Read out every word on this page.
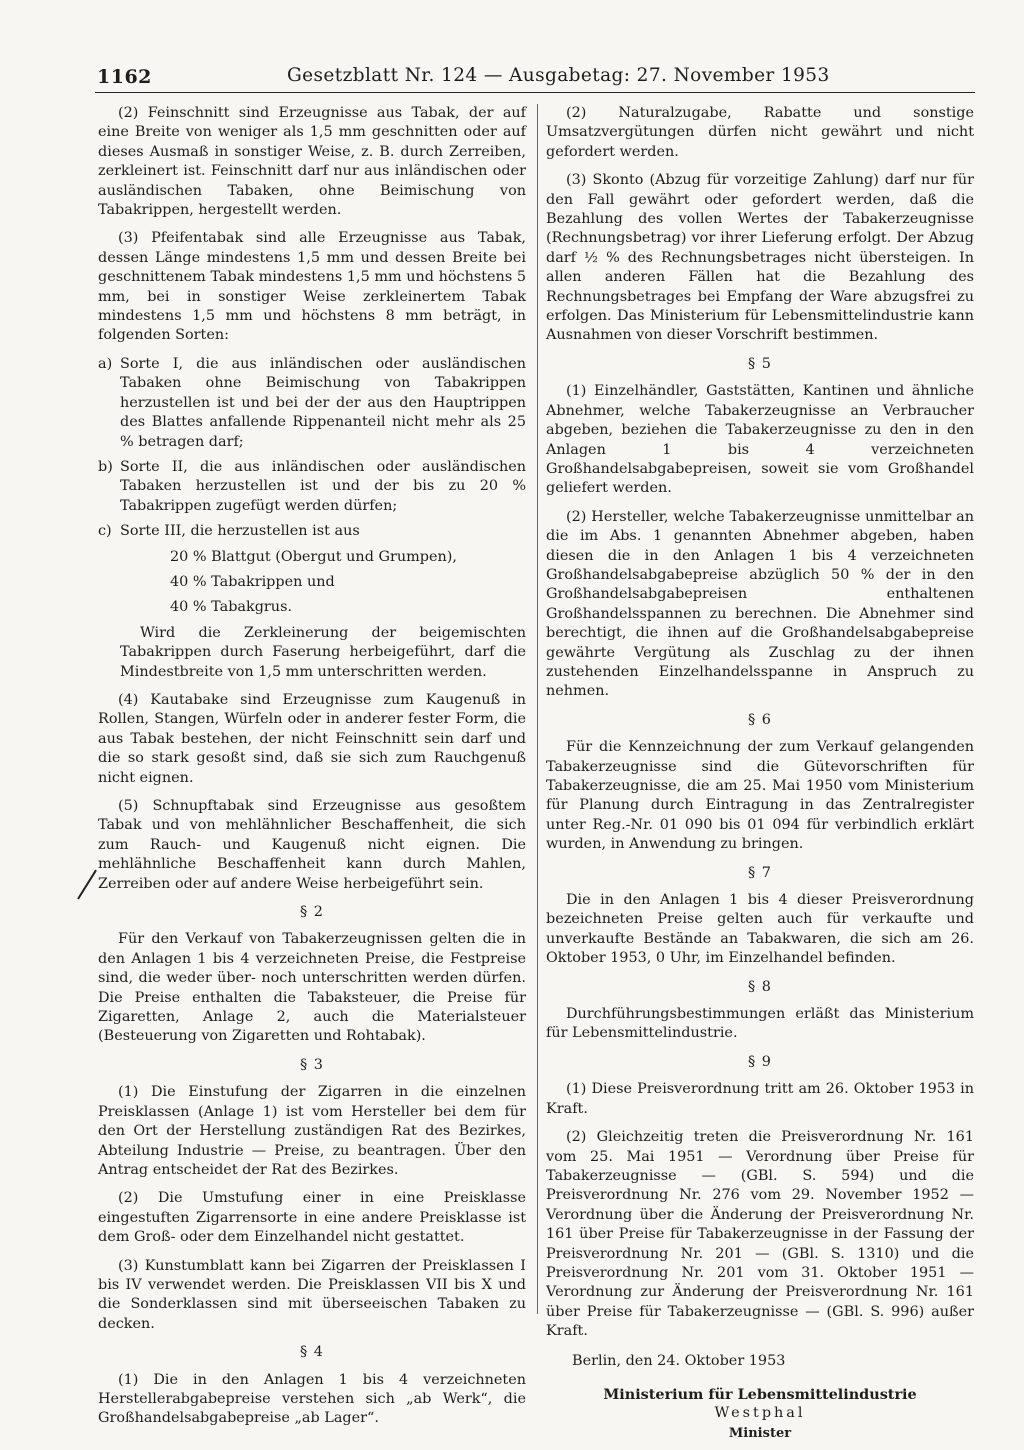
1162	Gesetzblatt Nr. 124 — Ausgabetag: 27. November 1953

(2) Feinschnitt sind Erzeugnisse aus Tabak, der auf eine Breite von weniger als 1,5 mm geschnitten oder auf dieses Ausmaß in sonstiger Weise, z. B. durch Zerreiben, zerkleinert ist. Feinschnitt darf nur aus inländischen oder ausländischen Tabaken, ohne Beimischung von Tabakrippen, hergestellt werden.

(3) Pfeifentabak sind alle Erzeugnisse aus Tabak, dessen Länge mindestens 1,5 mm und dessen Breite bei geschnittenem Tabak mindestens 1,5 mm und höchstens 5 mm, bei in sonstiger Weise zerkleinertem Tabak mindestens 1,5 mm und höchstens 8 mm beträgt, in folgenden Sorten:

a) Sorte I, die aus inländischen oder ausländischen Tabaken ohne Beimischung von Tabakrippen herzustellen ist und bei der der aus den Hauptrippen des Blattes anfallende Rippenanteil nicht mehr als 25 % betragen darf;
b) Sorte II, die aus inländischen oder ausländischen Tabaken herzustellen ist und der bis zu 20 % Tabakrippen zugefügt werden dürfen;
c) Sorte III, die herzustellen ist aus
20 % Blattgut (Obergut und Grumpen),
40 % Tabakrippen und
40 % Tabakgrus.

Wird die Zerkleinerung der beigemischten Tabakrippen durch Faserung herbeigeführt, darf die Mindestbreite von 1,5 mm unterschritten werden.

(4) Kautabake sind Erzeugnisse zum Kaugenuß in Rollen, Stangen, Würfeln oder in anderer fester Form, die aus Tabak bestehen, der nicht Feinschnitt sein darf und die so stark gesoßt sind, daß sie sich zum Rauchgenuß nicht eignen.

(5) Schnupftabak sind Erzeugnisse aus gesoßtem Tabak und von mehlähnlicher Beschaffenheit, die sich zum Rauch- und Kaugenuß nicht eignen. Die mehlähnliche Beschaffenheit kann durch Mahlen, Zerreiben oder auf andere Weise herbeigeführt sein.

§ 2

Für den Verkauf von Tabakerzeugnissen gelten die in den Anlagen 1 bis 4 verzeichneten Preise, die Festpreise sind, die weder über- noch unterschritten werden dürfen. Die Preise enthalten die Tabaksteuer, die Preise für Zigaretten, Anlage 2, auch die Materialsteuer (Besteuerung von Zigaretten und Rohtabak).

§ 3

(1) Die Einstufung der Zigarren in die einzelnen Preisklassen (Anlage 1) ist vom Hersteller bei dem für den Ort der Herstellung zuständigen Rat des Bezirkes, Abteilung Industrie — Preise, zu beantragen. Über den Antrag entscheidet der Rat des Bezirkes.

(2) Die Umstufung einer in eine Preisklasse eingestuften Zigarrensorte in eine andere Preisklasse ist dem Groß- oder dem Einzelhandel nicht gestattet.

(3) Kunstumblatt kann bei Zigarren der Preisklassen I bis IV verwendet werden. Die Preisklassen VII bis X und die Sonderklassen sind mit überseeischen Tabaken zu decken.

§ 4

(1) Die in den Anlagen 1 bis 4 verzeichneten Herstellerabgabepreise verstehen sich „ab Werk“, die Großhandelsabgabepreise „ab Lager“.

(2) Naturalzugabe, Rabatte und sonstige Umsatzvergütungen dürfen nicht gewährt und nicht gefordert werden.

(3) Skonto (Abzug für vorzeitige Zahlung) darf nur für den Fall gewährt oder gefordert werden, daß die Bezahlung des vollen Wertes der Tabakerzeugnisse (Rechnungsbetrag) vor ihrer Lieferung erfolgt. Der Abzug darf ½ % des Rechnungsbetrages nicht übersteigen. In allen anderen Fällen hat die Bezahlung des Rechnungsbetrages bei Empfang der Ware abzugsfrei zu erfolgen. Das Ministerium für Lebensmittelindustrie kann Ausnahmen von dieser Vorschrift bestimmen.

§ 5

(1) Einzelhändler, Gaststätten, Kantinen und ähnliche Abnehmer, welche Tabakerzeugnisse an Verbraucher abgeben, beziehen die Tabakerzeugnisse zu den in den Anlagen 1 bis 4 verzeichneten Großhandelsabgabepreisen, soweit sie vom Großhandel geliefert werden.

(2) Hersteller, welche Tabakerzeugnisse unmittelbar an die im Abs. 1 genannten Abnehmer abgeben, haben diesen die in den Anlagen 1 bis 4 verzeichneten Großhandelsabgabepreise abzüglich 50 % der in den Großhandelsabgabepreisen enthaltenen Großhandelsspannen zu berechnen. Die Abnehmer sind berechtigt, die ihnen auf die Großhandelsabgabepreise gewährte Vergütung als Zuschlag zu der ihnen zustehenden Einzelhandelsspanne in Anspruch zu nehmen.

§ 6

Für die Kennzeichnung der zum Verkauf gelangenden Tabakerzeugnisse sind die Gütevorschriften für Tabakerzeugnisse, die am 25. Mai 1950 vom Ministerium für Planung durch Eintragung in das Zentralregister unter Reg.-Nr. 01 090 bis 01 094 für verbindlich erklärt wurden, in Anwendung zu bringen.

§ 7

Die in den Anlagen 1 bis 4 dieser Preisverordnung bezeichneten Preise gelten auch für verkaufte und unverkaufte Bestände an Tabakwaren, die sich am 26. Oktober 1953, 0 Uhr, im Einzelhandel befinden.

§ 8

Durchführungsbestimmungen erläßt das Ministerium für Lebensmittelindustrie.

§ 9

(1) Diese Preisverordnung tritt am 26. Oktober 1953 in Kraft.

(2) Gleichzeitig treten die Preisverordnung Nr. 161 vom 25. Mai 1951 — Verordnung über Preise für Tabakerzeugnisse — (GBl. S. 594) und die Preisverordnung Nr. 276 vom 29. November 1952 — Verordnung über die Änderung der Preisverordnung Nr. 161 über Preise für Tabakerzeugnisse in der Fassung der Preisverordnung Nr. 201 — (GBl. S. 1310) und die Preisverordnung Nr. 201 vom 31. Oktober 1951 — Verordnung zur Änderung der Preisverordnung Nr. 161 über Preise für Tabakerzeugnisse — (GBl. S. 996) außer Kraft.

Berlin, den 24. Oktober 1953

Ministerium für Lebensmittelindustrie

Westphal

Minister
